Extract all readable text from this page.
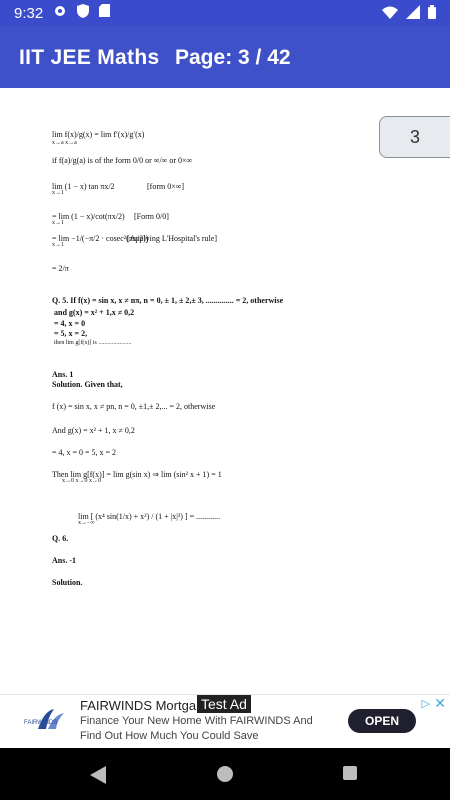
9:32
IIT JEE Maths Page: 3 / 42
lim f(x)/g(x) = lim f′(x)/g′(x)
x→a x→a
if f(a)/g(a) is of the form 0/0 or ∞/∞ or 0×∞
lim (1 − x) tan πx/2
x→1
[form 0×∞]
= lim (1 − x)/cot(πx/2)
x→1
[Form 0/0]
= lim −1/(−π/2 · cosec²(πx/2))
x→1
[Applying L'Hospital's rule]
= 2/π
Q. 5. If f(x) = sin x, x ≠ nπ, n = 0, ± 1, ± 2,± 3, .............. = 2, otherwise
and g(x) = x² + 1,x ≠ 0,2
= 4, x = 0
= 5, x = 2,
then lim g[f(x)] is ......................
Ans. 1
Solution. Given that,
f (x) = sin x, x ≠ pn, n = 0, ±1,± 2,... = 2, otherwise
And g(x) = x² + 1, x ≠ 0,2
= 4, x = 0 = 5, x = 2
Then lim g[f(x)] = lim g(sin x) ⇒ lim (sin² x + 1) = 1
x→0 x→0 x→0
lim [ (x⁴ sin(1/x) + x²) / (1 + |x|³) ] = ............
x→−∞
Q. 6.
Ans. -1
Solution.
3
FAIRWINDS
FAIRWINDS Mortga Test Ad
Finance Your New Home With FAIRWINDS And Find Out How Much You Could Save
OPEN
▷ ✕
